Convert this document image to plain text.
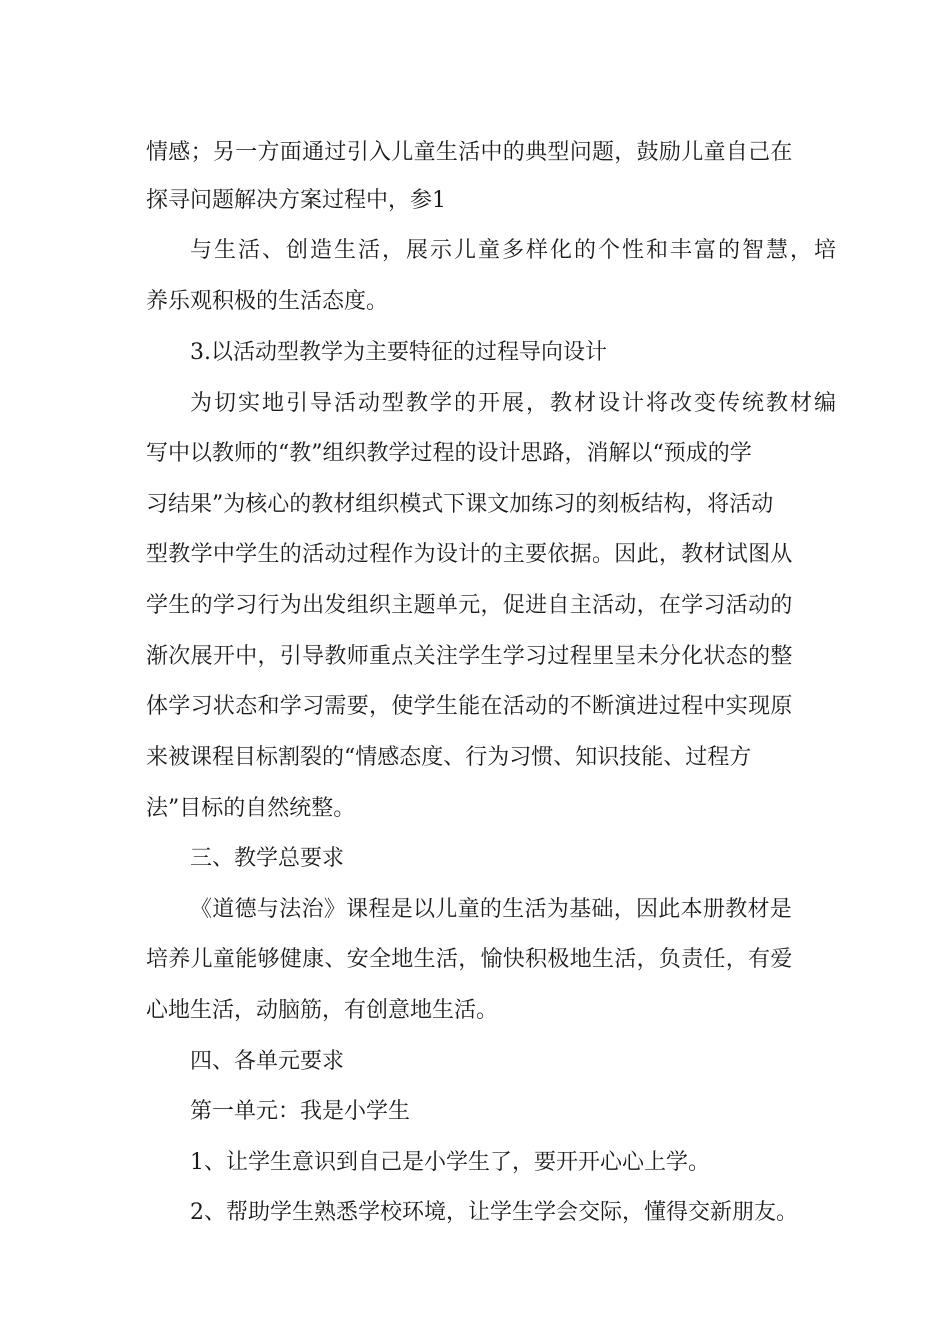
情感；另一方面通过引入儿童生活中的典型问题，鼓励儿童自己在
探寻问题解决方案过程中，参1
与生活、创造生活，展示儿童多样化的个性和丰富的智慧，培
养乐观积极的生活态度。
3.以活动型教学为主要特征的过程导向设计
为切实地引导活动型教学的开展，教材设计将改变传统教材编
写中以教师的“教”组织教学过程的设计思路，消解以“预成的学
习结果”为核心的教材组织模式下课文加练习的刻板结构，将活动
型教学中学生的活动过程作为设计的主要依据。因此，教材试图从
学生的学习行为出发组织主题单元，促进自主活动，在学习活动的
渐次展开中，引导教师重点关注学生学习过程里呈未分化状态的整
体学习状态和学习需要，使学生能在活动的不断演进过程中实现原
来被课程目标割裂的“情感态度、行为习惯、知识技能、过程方
法”目标的自然统整。
三、教学总要求
《道德与法治》课程是以儿童的生活为基础，因此本册教材是
培养儿童能够健康、安全地生活，愉快积极地生活，负责任，有爱
心地生活，动脑筋，有创意地生活。
四、各单元要求
第一单元：我是小学生
1、让学生意识到自己是小学生了，要开开心心上学。
2、帮助学生熟悉学校环境，让学生学会交际，懂得交新朋友。
